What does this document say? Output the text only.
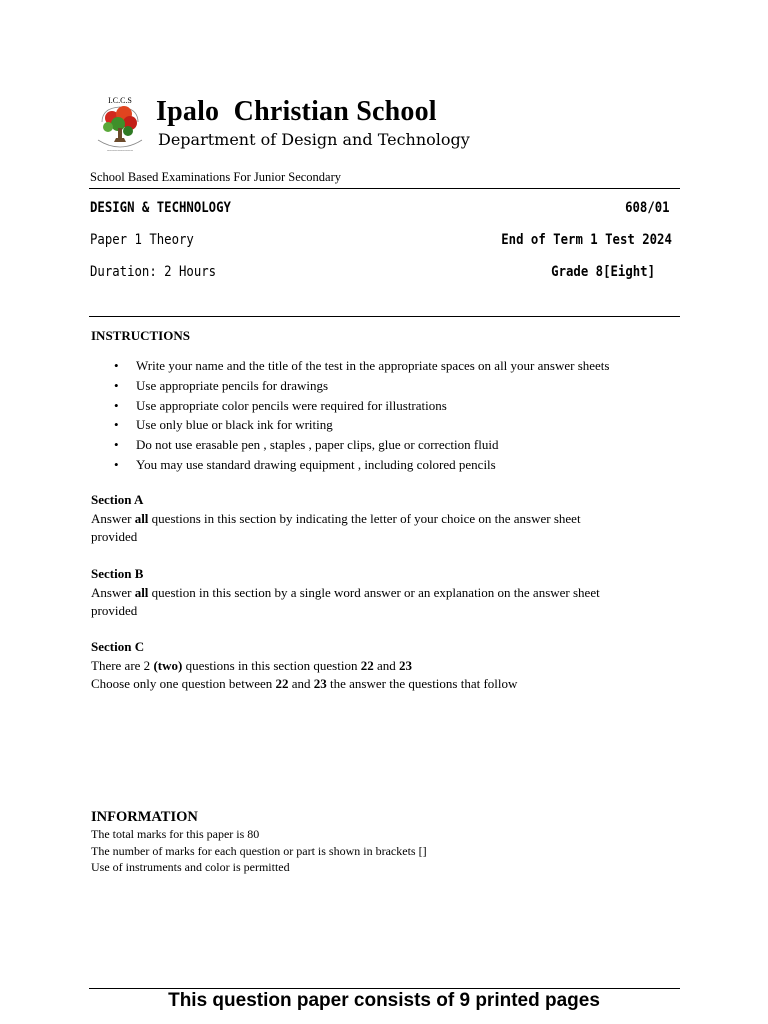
I.C.C.S
~~~~~~~~~~~~
Ipalo  Christian School
Department of Design and Technology
School Based Examinations For Junior Secondary
DESIGN & TECHNOLOGY	608/01
Paper 1 Theory	End of Term 1 Test 2024
Duration: 2 Hours	Grade 8[Eight]
INSTRUCTIONS
• Write your name and the title of the test in the appropriate spaces on all your answer sheets
• Use appropriate pencils for drawings
• Use appropriate color pencils were required for illustrations
• Use only blue or black ink for writing
• Do not use erasable pen , staples , paper clips, glue or correction fluid
• You may use standard drawing equipment , including colored pencils
Section A
Answer all questions in this section by indicating the letter of your choice on the answer sheet
provided
Section B
Answer all question in this section by a single word answer or an explanation on the answer sheet
provided
Section C
There are 2 (two) questions in this section question 22 and 23
Choose only one question between 22 and 23 the answer the questions that follow
INFORMATION
The total marks for this paper is 80
The number of marks for each question or part is shown in brackets []
Use of instruments and color is permitted
This question paper consists of 9 printed pages
